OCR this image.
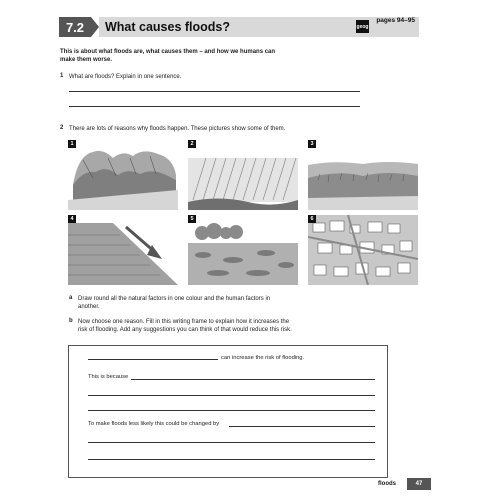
7.2	What causes floods?	geog
pages 94–95
This is about what floods are, what causes them – and how we humans can
make them worse.
1 What are floods? Explain in one sentence.
2 There are lots of reasons why floods happen. These pictures show some of them.
1	2	3
4	5	6
a Draw round all the natural factors in one colour and the human factors in
another.
b Now choose one reason. Fill in this writing frame to explain how it increases the
risk of flooding. Add any suggestions you can think of that would reduce this risk.
can increase the risk of flooding.
This is because
To make floods less likely this could be changed by
floods	47
